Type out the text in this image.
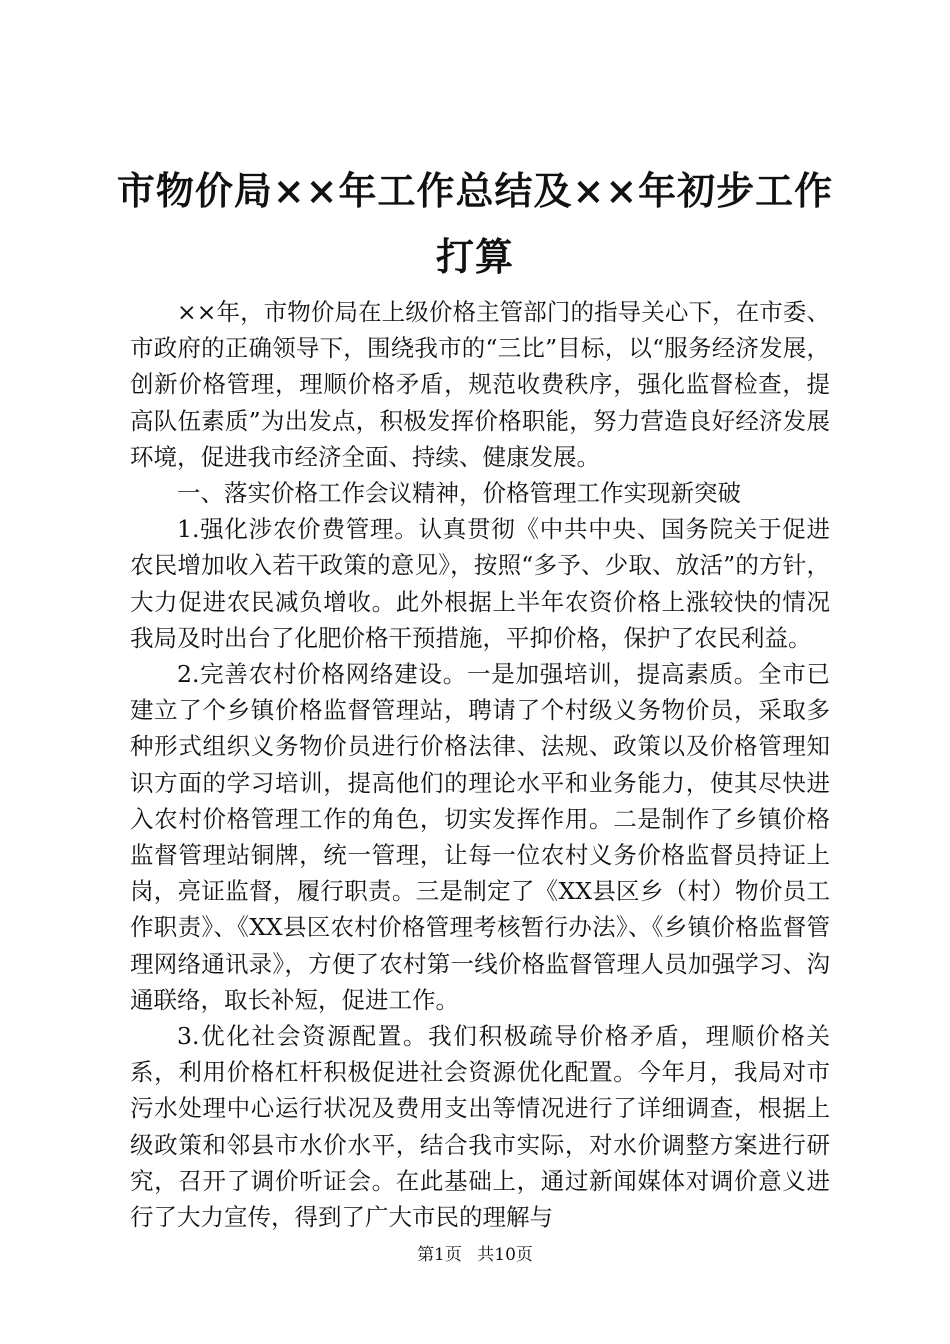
市物价局××年工作总结及××年初步工作打算

××年，市物价局在上级价格主管部门的指导关心下，在市委、市政府的正确领导下，围绕我市的“三比”目标，以“服务经济发展，创新价格管理，理顺价格矛盾，规范收费秩序，强化监督检查，提高队伍素质”为出发点，积极发挥价格职能，努力营造良好经济发展环境，促进我市经济全面、持续、健康发展。

一、落实价格工作会议精神，价格管理工作实现新突破

1.强化涉农价费管理。认真贯彻《中共中央、国务院关于促进农民增加收入若干政策的意见》，按照“多予、少取、放活”的方针，大力促进农民减负增收。此外根据上半年农资价格上涨较快的情况我局及时出台了化肥价格干预措施，平抑价格，保护了农民利益。

2.完善农村价格网络建设。一是加强培训，提高素质。全市已建立了个乡镇价格监督管理站，聘请了个村级义务物价员，采取多种形式组织义务物价员进行价格法律、法规、政策以及价格管理知识方面的学习培训，提高他们的理论水平和业务能力，使其尽快进入农村价格管理工作的角色，切实发挥作用。二是制作了乡镇价格监督管理站铜牌，统一管理，让每一位农村义务价格监督员持证上岗，亮证监督，履行职责。三是制定了《XX县区乡（村）物价员工作职责》、《XX县区农村价格管理考核暂行办法》、《乡镇价格监督管理网络通讯录》，方便了农村第一线价格监督管理人员加强学习、沟通联络，取长补短，促进工作。

3.优化社会资源配置。我们积极疏导价格矛盾，理顺价格关系，利用价格杠杆积极促进社会资源优化配置。今年月，我局对市污水处理中心运行状况及费用支出等情况进行了详细调查，根据上级政策和邻县市水价水平，结合我市实际，对水价调整方案进行研究，召开了调价听证会。在此基础上，通过新闻媒体对调价意义进行了大力宣传，得到了广大市民的理解与

第1页 共10页
